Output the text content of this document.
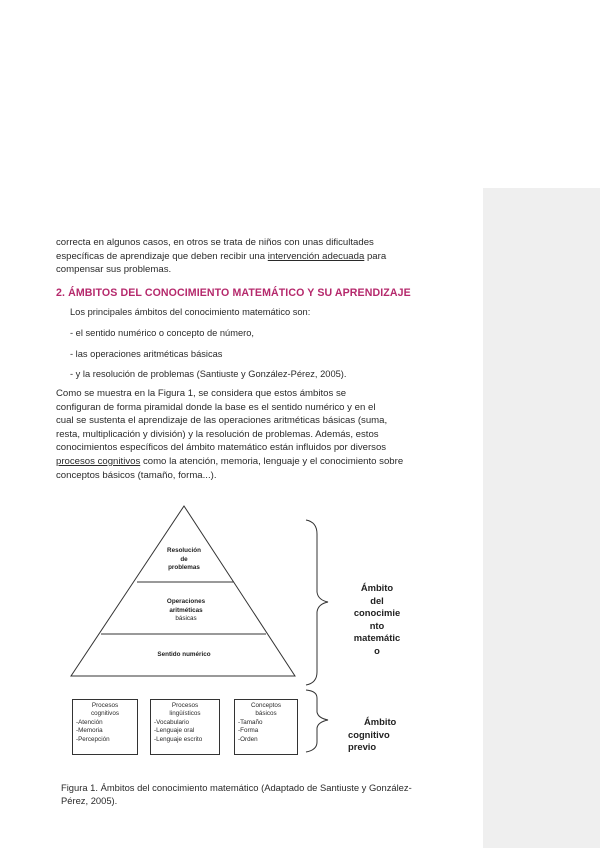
correcta en algunos casos, en otros se trata de niños con unas dificultades
específicas de aprendizaje que deben recibir una intervención adecuada para
compensar sus problemas.

2. ÁMBITOS DEL CONOCIMIENTO MATEMÁTICO Y SU APRENDIZAJE

Los principales ámbitos del conocimiento matemático son:

- el sentido numérico o concepto de número,

- las operaciones aritméticas básicas

- y la resolución de problemas (Santiuste y González-Pérez, 2005).

Como se muestra en la Figura 1, se considera que estos ámbitos se
configuran de forma piramidal donde la base es el sentido numérico y en el
cual se sustenta el aprendizaje de las operaciones aritméticas básicas (suma,
resta, multiplicación y división) y la resolución de problemas. Además, estos
conocimientos específicos del ámbito matemático están influidos por diversos
procesos cognitivos como la atención, memoria, lenguaje y el conocimiento sobre
conceptos básicos (tamaño, forma...).
Resolución
de
problemas
Operaciones
aritméticas
básicas
Sentido numérico
Ámbito
del
conocimie
nto
matemátic
o
Ámbito
cognitivo
previo
Procesos
cognitivos
-Atención
-Memoria
-Percepción
Procesos
lingüísticos
-Vocabulario
-Lenguaje oral
-Lenguaje escrito
Conceptos
básicos
-Tamaño
-Forma
-Orden

Figura 1. Ámbitos del conocimiento matemático (Adaptado de Santiuste y González-
Pérez, 2005).
